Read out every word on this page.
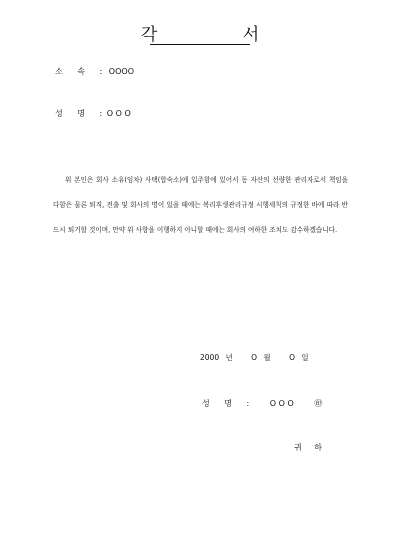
각 서
소 속 : OOOO
성 명 : O O O

위 본인은 회사 소유(임차) 사택(합숙소)에 입주함에 있어서 동 자산의 선량한 관리자로서 책임을 다함은 물론 퇴직, 전출 및 회사의 명이 있을 때에는 복리후생관리규정 시행세칙의 규정한 바에 따라 반드시 퇴거할 것이며, 만약 위 사항을 이행하지 아니할 때에는 회사의 여하한 조치도 감수하겠습니다.

2000 년 O 월 O 일
성 명 :	O O O	㊞
귀 하
